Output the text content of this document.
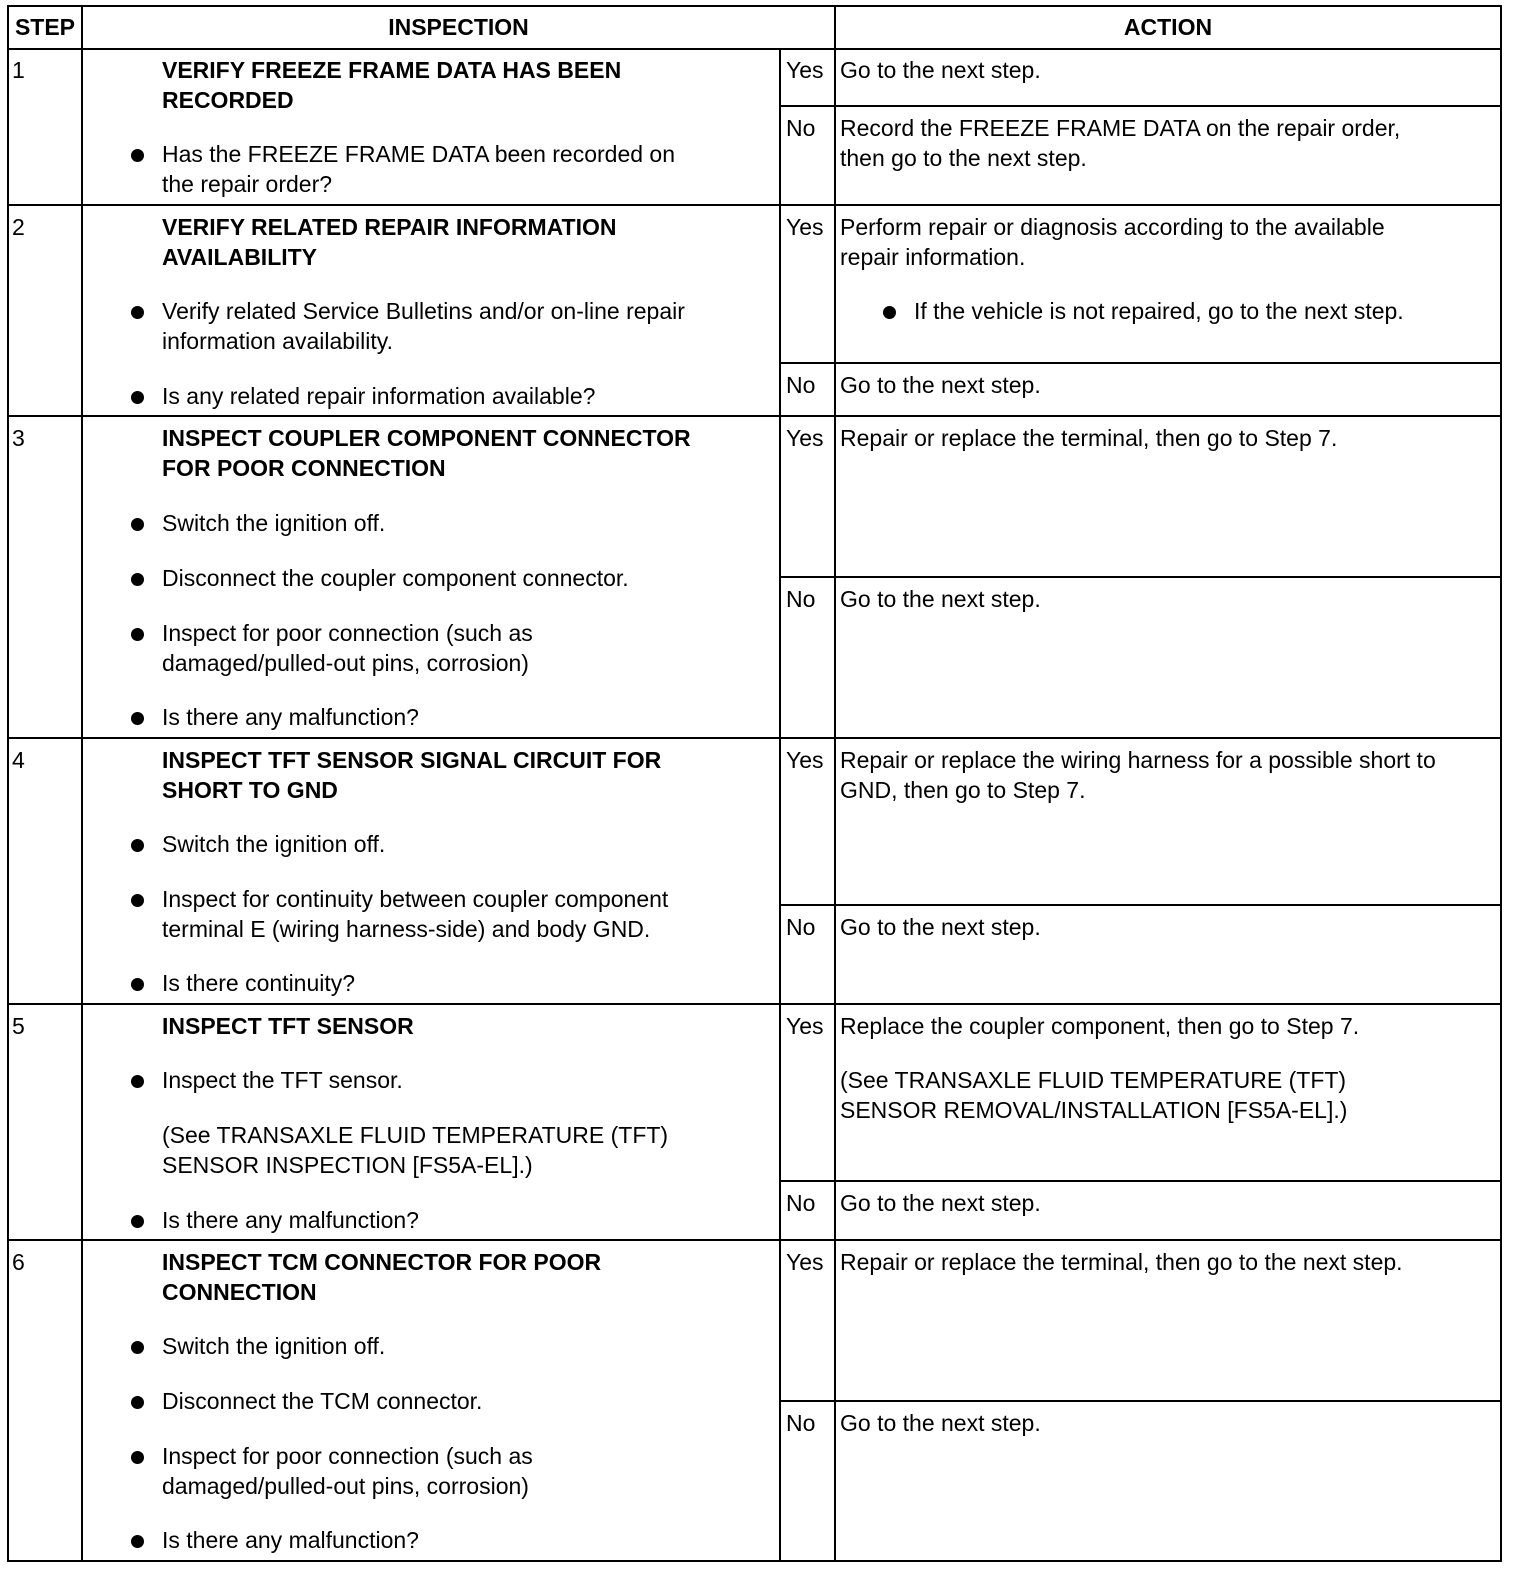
STEP	INSPECTION	ACTION
1	VERIFY FREEZE FRAME DATA HAS BEEN
RECORDED
Has the FREEZE FRAME DATA been recorded on
the repair order?
Yes Go to the next step.
No Record the FREEZE FRAME DATA on the repair order,
then go to the next step.
2	VERIFY RELATED REPAIR INFORMATION
AVAILABILITY
Verify related Service Bulletins and/or on-line repair
information availability.
Is any related repair information available?
Yes Perform repair or diagnosis according to the available
repair information.
If the vehicle is not repaired, go to the next step.
No Go to the next step.
3	INSPECT COUPLER COMPONENT CONNECTOR
FOR POOR CONNECTION
Switch the ignition off.
Disconnect the coupler component connector.
Inspect for poor connection (such as
damaged/pulled-out pins, corrosion)
Is there any malfunction?
Yes Repair or replace the terminal, then go to Step 7.
No Go to the next step.
4	INSPECT TFT SENSOR SIGNAL CIRCUIT FOR
SHORT TO GND
Switch the ignition off.
Inspect for continuity between coupler component
terminal E (wiring harness-side) and body GND.
Is there continuity?
Yes Repair or replace the wiring harness for a possible short to
GND, then go to Step 7.
No Go to the next step.
5	INSPECT TFT SENSOR
Inspect the TFT sensor.
(See TRANSAXLE FLUID TEMPERATURE (TFT)
SENSOR INSPECTION [FS5A-EL].)
Is there any malfunction?
Yes Replace the coupler component, then go to Step 7.
(See TRANSAXLE FLUID TEMPERATURE (TFT)
SENSOR REMOVAL/INSTALLATION [FS5A-EL].)
No Go to the next step.
6	INSPECT TCM CONNECTOR FOR POOR
CONNECTION
Switch the ignition off.
Disconnect the TCM connector.
Inspect for poor connection (such as
damaged/pulled-out pins, corrosion)
Is there any malfunction?
Yes Repair or replace the terminal, then go to the next step.
No Go to the next step.
